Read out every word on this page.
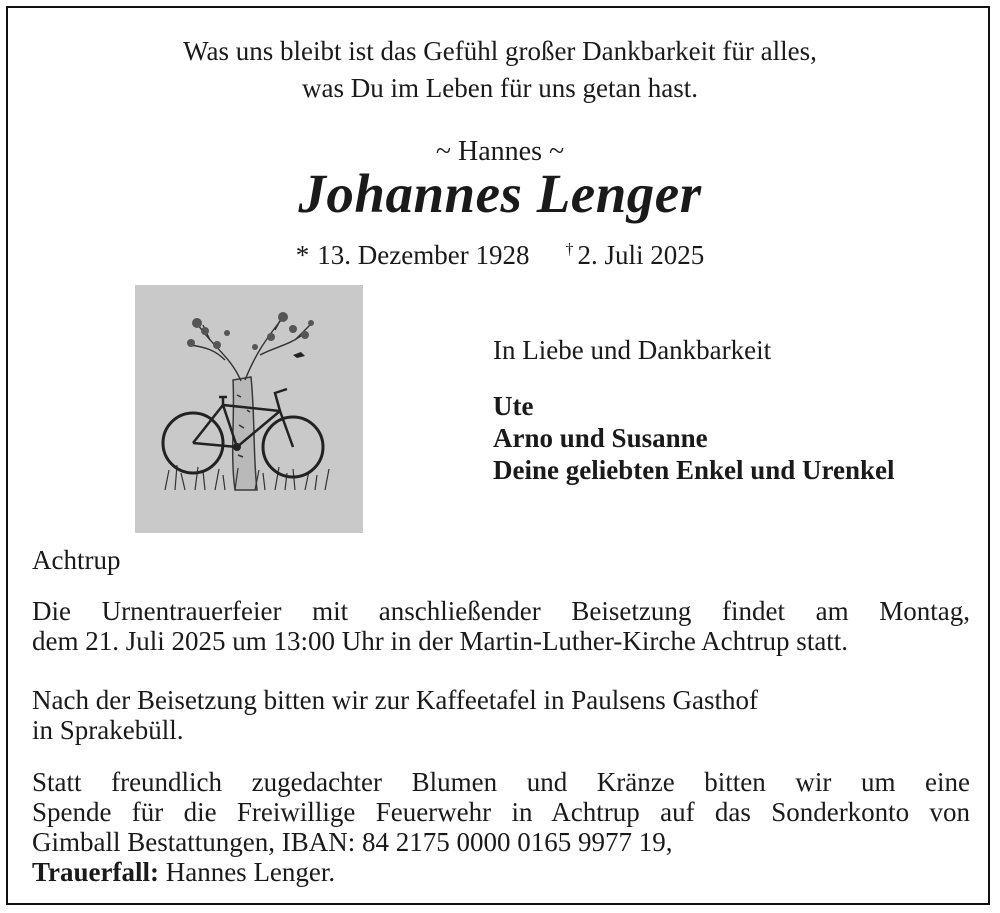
Was uns bleibt ist das Gefühl großer Dankbarkeit für alles,
was Du im Leben für uns getan hast.
~ Hannes ~
Johannes Lenger
* 13. Dezember 1928 † 2. Juli 2025
In Liebe und Dankbarkeit
Ute
Arno und Susanne
Deine geliebten Enkel und Urenkel
Achtrup
Die Urnentrauerfeier mit anschließender Beisetzung findet am Montag,
dem 21. Juli 2025 um 13:00 Uhr in der Martin-Luther-Kirche Achtrup statt.
Nach der Beisetzung bitten wir zur Kaffeetafel in Paulsens Gasthof
in Sprakebüll.
Statt freundlich zugedachter Blumen und Kränze bitten wir um eine
Spende für die Freiwillige Feuerwehr in Achtrup auf das Sonderkonto von
Gimball Bestattungen, IBAN: 84 2175 0000 0165 9977 19,
Trauerfall: Hannes Lenger.
